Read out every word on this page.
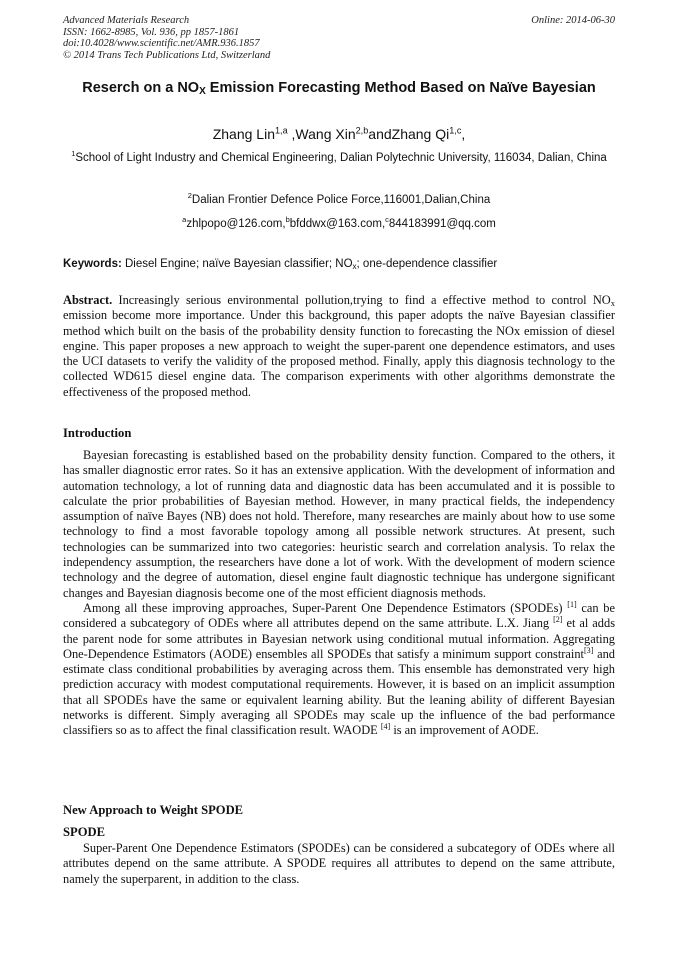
Advanced Materials Research
ISSN: 1662-8985, Vol. 936, pp 1857-1861
doi:10.4028/www.scientific.net/AMR.936.1857
© 2014 Trans Tech Publications Ltd, Switzerland
Online: 2014-06-30
Reserch on a $NO_X$ Emission Forecasting Method Based on Naïve Bayesian
Zhang Lin$^{1,a}$ ,Wang Xin$^{2,b}$andZhang Qi$^{1,c}$,
$^1$School of Light Industry and Chemical Engineering, Dalian Polytechnic University, 116034, Dalian, China
$^2$Dalian Frontier Defence Police Force,116001,Dalian,China
$^a$zhlpopo@126.com,$^b$bfddwx@163.com,$^c$844183991@qq.com
Keywords: Diesel Engine; naïve Bayesian classifier; $NO_x$; one-dependence classifier
Abstract. Increasingly serious environmental pollution,trying to find a effective method to control $NO_x$ emission become more importance. Under this background, this paper adopts the naïve Bayesian classifier method which built on the basis of the probability density function to forecasting the NOx emission of diesel engine. This paper proposes a new approach to weight the super-parent one dependence estimators, and uses the UCI datasets to verify the validity of the proposed method. Finally, apply this diagnosis technology to the collected WD615 diesel engine data. The comparison experiments with other algorithms demonstrate the effectiveness of the proposed method.
Introduction

Bayesian forecasting is established based on the probability density function. Compared to the others, it has smaller diagnostic error rates. So it has an extensive application. With the development of information and automation technology, a lot of running data and diagnostic data has been accumulated and it is possible to calculate the prior probabilities of Bayesian method. However, in many practical fields, the independency assumption of naïve Bayes (NB) does not hold. Therefore, many researches are mainly about how to use some technology to find a most favorable topology among all possible network structures. At present, such technologies can be summarized into two categories: heuristic search and correlation analysis. To relax the independency assumption, the researchers have done a lot of work. With the development of modern science technology and the degree of automation, diesel engine fault diagnostic technique has undergone significant changes and Bayesian diagnosis become one of the most efficient diagnosis methods.

Among all these improving approaches, Super-Parent One Dependence Estimators (SPODEs) [1] can be considered a subcategory of ODEs where all attributes depend on the same attribute. L.X. Jiang [2] et al adds the parent node for some attributes in Bayesian network using conditional mutual information. Aggregating One-Dependence Estimators (AODE) ensembles all SPODEs that satisfy a minimum support constraint[3] and estimate class conditional probabilities by averaging across them. This ensemble has demonstrated very high prediction accuracy with modest computational requirements. However, it is based on an implicit assumption that all SPODEs have the same or equivalent learning ability. But the leaning ability of different Bayesian networks is different. Simply averaging all SPODEs may scale up the influence of the bad performance classifiers so as to affect the final classification result. WAODE [4] is an improvement of AODE.

New Approach to Weight SPODE
SPODE

Super-Parent One Dependence Estimators (SPODEs) can be considered a subcategory of ODEs where all attributes depend on the same attribute. A SPODE requires all attributes to depend on the same attribute, namely the superparent, in addition to the class.
